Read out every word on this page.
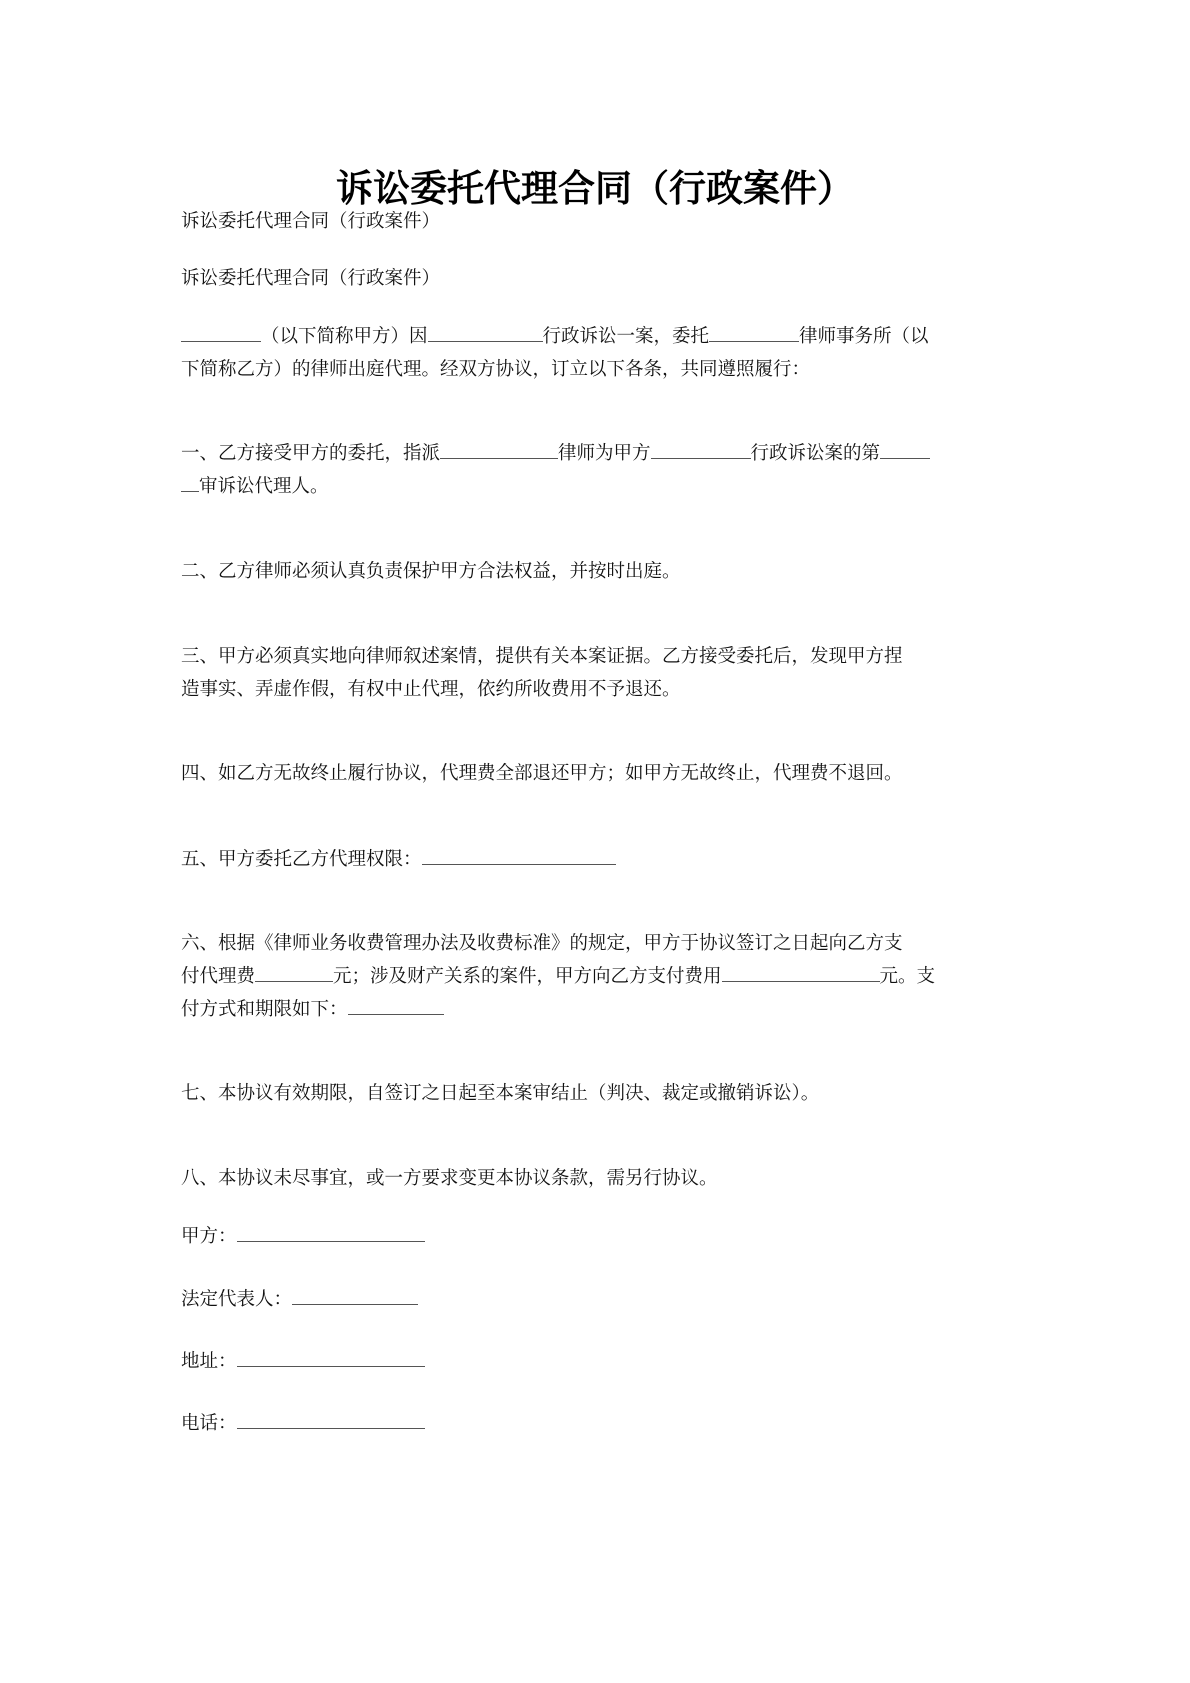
诉讼委托代理合同（行政案件）
诉讼委托代理合同（行政案件）
诉讼委托代理合同（行政案件）
（以下简称甲方）因	行政诉讼一案，委托	律师事务所（以
下简称乙方）的律师出庭代理。经双方协议，订立以下各条，共同遵照履行：
一、乙方接受甲方的委托，指派	律师为甲方	行政诉讼案的第
审诉讼代理人。
二、乙方律师必须认真负责保护甲方合法权益，并按时出庭。
三、甲方必须真实地向律师叙述案情，提供有关本案证据。乙方接受委托后，发现甲方捏
造事实、弄虚作假，有权中止代理，依约所收费用不予退还。
四、如乙方无故终止履行协议，代理费全部退还甲方；如甲方无故终止，代理费不退回。
五、甲方委托乙方代理权限：
六、根据《律师业务收费管理办法及收费标准》的规定，甲方于协议签订之日起向乙方支
付代理费	元；涉及财产关系的案件，甲方向乙方支付费用	元。支
付方式和期限如下：
七、本协议有效期限，自签订之日起至本案审结止（判决、裁定或撤销诉讼）。
八、本协议未尽事宜，或一方要求变更本协议条款，需另行协议。
甲方：
法定代表人：
地址：
电话：
